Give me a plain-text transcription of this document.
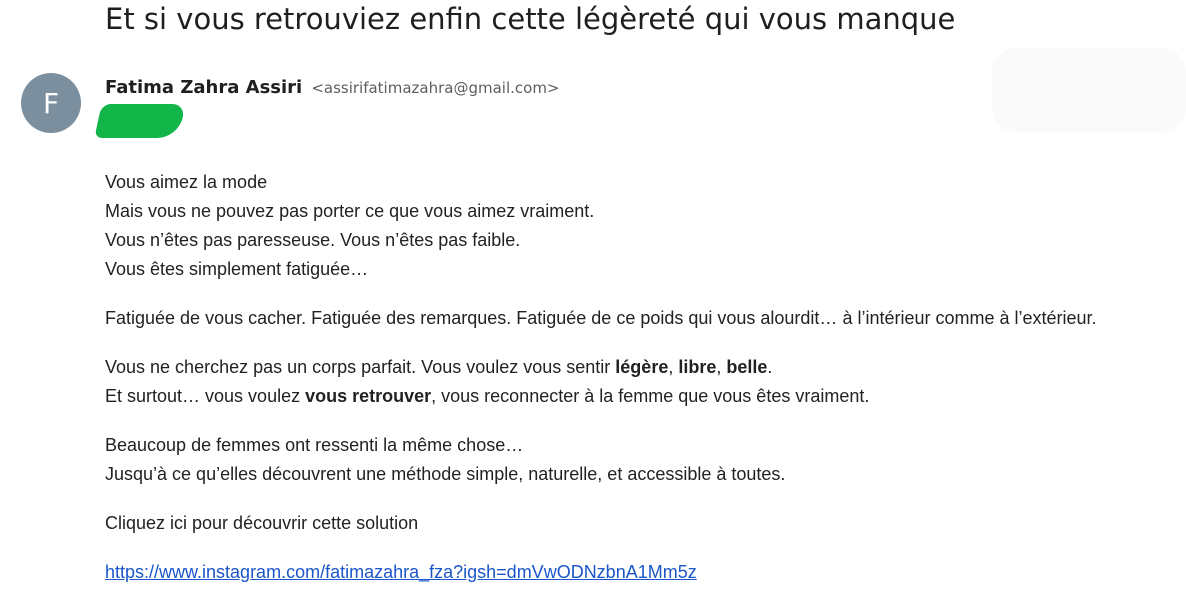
Et si vous retrouviez enfin cette légèreté qui vous manque
F	Fatima Zahra Assiri <assirifatimazahra@gmail.com>
Vous aimez la mode
Mais vous ne pouvez pas porter ce que vous aimez vraiment.
Vous n’êtes pas paresseuse. Vous n’êtes pas faible.
Vous êtes simplement fatiguée…
Fatiguée de vous cacher. Fatiguée des remarques. Fatiguée de ce poids qui vous alourdit… à l’intérieur comme à l’extérieur.
Vous ne cherchez pas un corps parfait. Vous voulez vous sentir légère, libre, belle.
Et surtout… vous voulez vous retrouver, vous reconnecter à la femme que vous êtes vraiment.
Beaucoup de femmes ont ressenti la même chose…
Jusqu’à ce qu’elles découvrent une méthode simple, naturelle, et accessible à toutes.
Cliquez ici pour découvrir cette solution
https://www.instagram.com/fatimazahra_fza?igsh=dmVwODNzbnA1Mm5z
